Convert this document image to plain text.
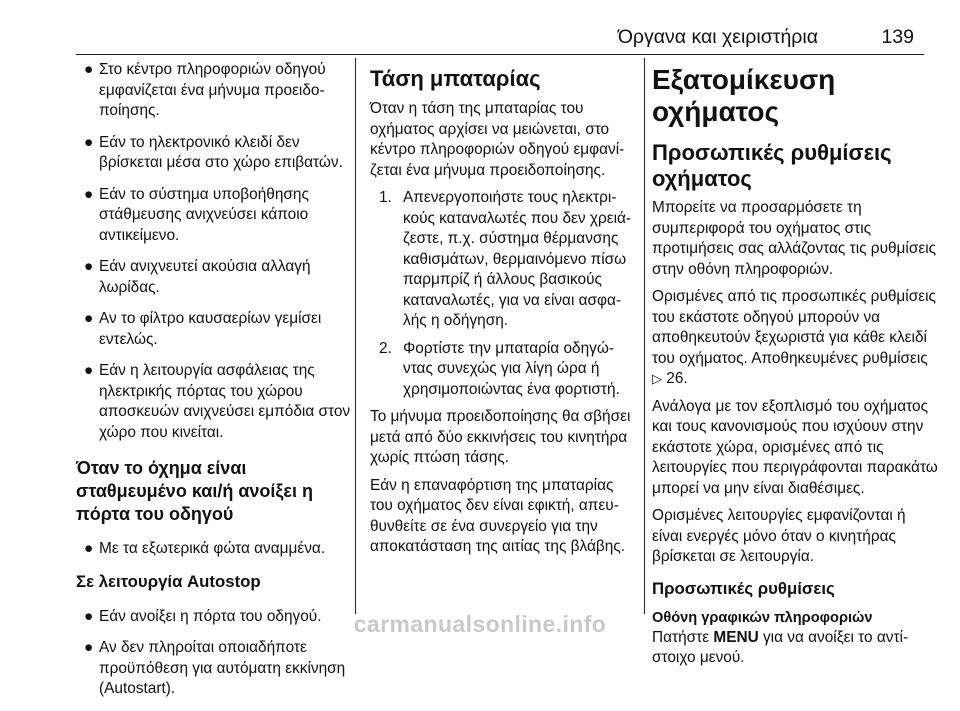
Όργανα και χειριστήρια	139
● Στο κέντρο πληροφοριών οδηγού εμφανίζεται ένα μήνυμα προειδοποίησης.
● Εάν το ηλεκτρονικό κλειδί δεν βρίσκεται μέσα στο χώρο επιβατών.
● Εάν το σύστημα υποβοήθησης στάθμευσης ανιχνεύσει κάποιο αντικείμενο.
● Εάν ανιχνευτεί ακούσια αλλαγή λωρίδας.
● Αν το φίλτρο καυσαερίων γεμίσει εντελώς.
● Εάν η λειτουργία ασφάλειας της ηλεκτρικής πόρτας του χώρου αποσκευών ανιχνεύσει εμπόδια στον χώρο που κινείται.
Όταν το όχημα είναι σταθμευμένο και/ή ανοίξει η πόρτα του οδηγού
● Με τα εξωτερικά φώτα αναμμένα.
Σε λειτουργία Autostop
● Εάν ανοίξει η πόρτα του οδηγού.
● Αν δεν πληροίται οποιαδήποτε προϋπόθεση για αυτόματη εκκίνηση (Autostart).
Τάση μπαταρίας
Όταν η τάση της μπαταρίας του οχήματος αρχίσει να μειώνεται, στο κέντρο πληροφοριών οδηγού εμφανίζεται ένα μήνυμα προειδοποίησης.
1. Απενεργοποιήστε τους ηλεκτρικούς καταναλωτές που δεν χρειάζεστε, π.χ. σύστημα θέρμανσης καθισμάτων, θερμαινόμενο πίσω παρμπρίζ ή άλλους βασικούς καταναλωτές, για να είναι ασφαλής η οδήγηση.
2. Φορτίστε την μπαταρία οδηγώντας συνεχώς για λίγη ώρα ή χρησιμοποιώντας ένα φορτιστή.
Το μήνυμα προειδοποίησης θα σβήσει μετά από δύο εκκινήσεις του κινητήρα χωρίς πτώση τάσης.
Εάν η επαναφόρτιση της μπαταρίας του οχήματος δεν είναι εφικτή, απευθυνθείτε σε ένα συνεργείο για την αποκατάσταση της αιτίας της βλάβης.
Εξατομίκευση οχήματος
Προσωπικές ρυθμίσεις οχήματος
Μπορείτε να προσαρμόσετε τη συμπεριφορά του οχήματος στις προτιμήσεις σας αλλάζοντας τις ρυθμίσεις στην οθόνη πληροφοριών.
Ορισμένες από τις προσωπικές ρυθμίσεις του εκάστοτε οδηγού μπορούν να αποθηκευτούν ξεχωριστά για κάθε κλειδί του οχήματος. Αποθηκευμένες ρυθμίσεις ▷ 26.
Ανάλογα με τον εξοπλισμό του οχήματος και τους κανονισμούς που ισχύουν στην εκάστοτε χώρα, ορισμένες από τις λειτουργίες που περιγράφονται παρακάτω μπορεί να μην είναι διαθέσιμες.
Ορισμένες λειτουργίες εμφανίζονται ή είναι ενεργές μόνο όταν ο κινητήρας βρίσκεται σε λειτουργία.
Προσωπικές ρυθμίσεις
Οθόνη γραφικών πληροφοριών
Πατήστε MENU για να ανοίξει το αντίστοιχο μενού.
carmanualsonline.info
